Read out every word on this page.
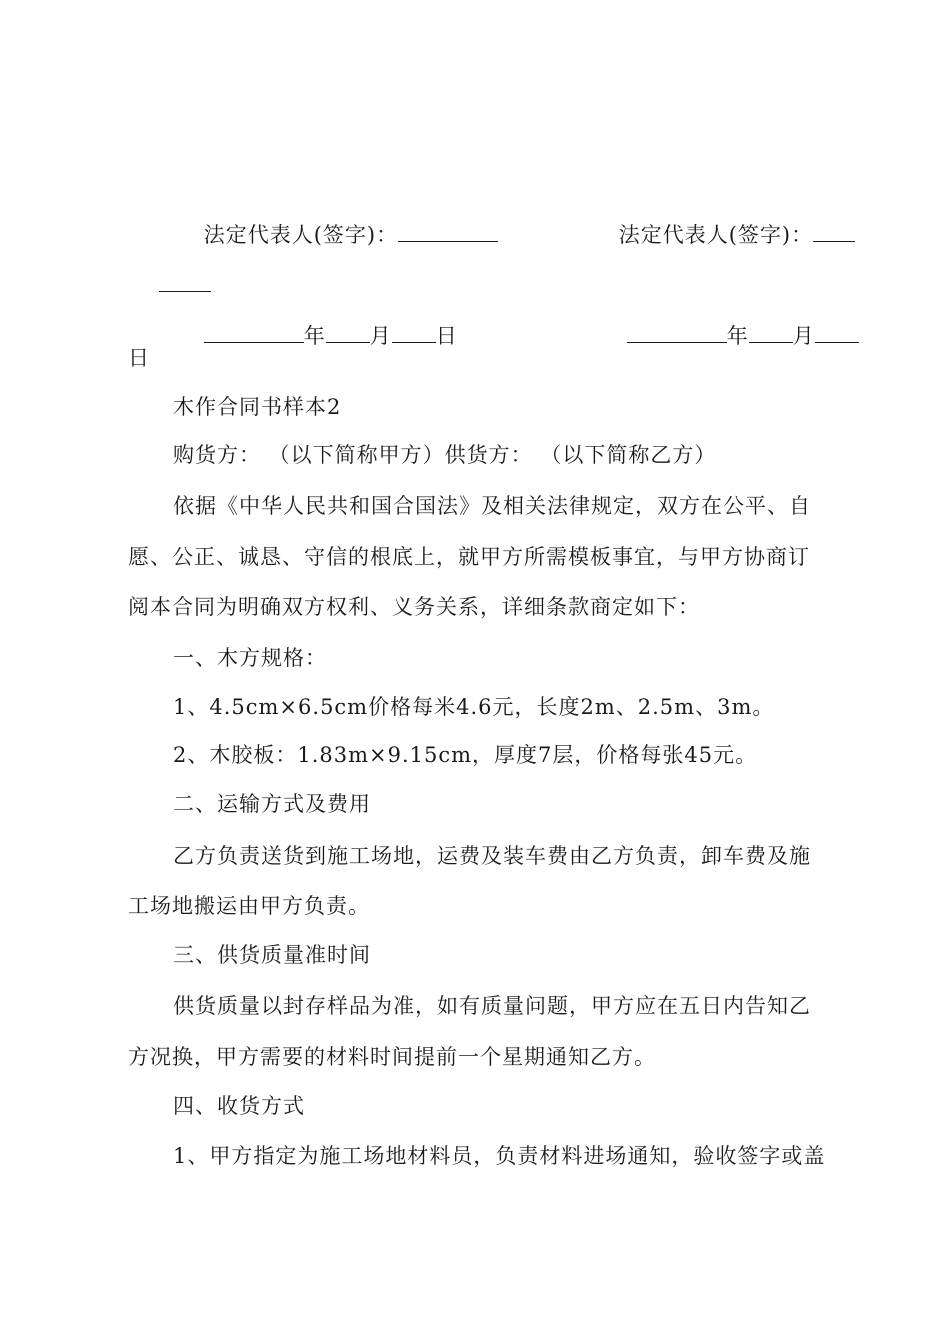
法定代表人(签字)：
	法定代表人(签字)：

年 月 日
	年 月

日
木作合同书样本2
购货方： （以下简称甲方）供货方： （以下简称乙方）
依据《中华人民共和国合国法》及相关法律规定，双方在公平、自
愿、公正、诚恳、守信的根底上，就甲方所需模板事宜，与甲方协商订
阅本合同为明确双方权利、义务关系，详细条款商定如下：
一、木方规格：
1、4.5cm×6.5cm价格每米4.6元，长度2m、2.5m、3m。
2、木胶板：1.83m×9.15cm，厚度7层，价格每张45元。
二、运输方式及费用
乙方负责送货到施工场地，运费及装车费由乙方负责，卸车费及施
工场地搬运由甲方负责。
三、供货质量准时间
供货质量以封存样品为准，如有质量问题，甲方应在五日内告知乙
方况换，甲方需要的材料时间提前一个星期通知乙方。
四、收货方式
1、甲方指定为施工场地材料员，负责材料进场通知，验收签字或盖
